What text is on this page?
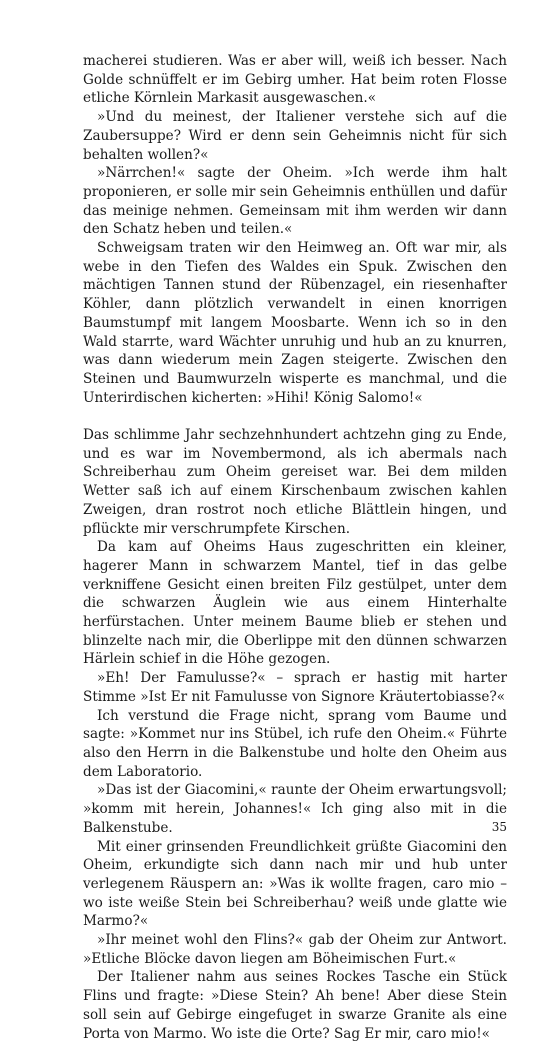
macherei studieren. Was er aber will, weiß ich besser. Nach Golde schnüffelt er im Gebirg umher. Hat beim roten Flosse etliche Körnlein Markasit ausgewaschen.«

»Und du meinest, der Italiener verstehe sich auf die Zaubersuppe? Wird er denn sein Geheimnis nicht für sich behalten wollen?«

»Närrchen!« sagte der Oheim. »Ich werde ihm halt proponieren, er solle mir sein Geheimnis enthüllen und dafür das meinige nehmen. Gemeinsam mit ihm werden wir dann den Schatz heben und teilen.«

Schweigsam traten wir den Heimweg an. Oft war mir, als webe in den Tiefen des Waldes ein Spuk. Zwischen den mächtigen Tannen stund der Rübenzagel, ein riesenhafter Köhler, dann plötzlich verwandelt in einen knorrigen Baumstumpf mit langem Moosbarte. Wenn ich so in den Wald starrte, ward Wächter unruhig und hub an zu knurren, was dann wiederum mein Zagen steigerte. Zwischen den Steinen und Baumwurzeln wisperte es manchmal, und die Unterirdischen kicherten: »Hihi! König Salomo!«

Das schlimme Jahr sechzehnhundert achtzehn ging zu Ende, und es war im Novembermond, als ich abermals nach Schreiberhau zum Oheim gereiset war. Bei dem milden Wetter saß ich auf einem Kirschenbaum zwischen kahlen Zweigen, dran rostrot noch etliche Blättlein hingen, und pflückte mir verschrumpfete Kirschen.

Da kam auf Oheims Haus zugeschritten ein kleiner, hagerer Mann in schwarzem Mantel, tief in das gelbe verkniffene Gesicht einen breiten Filz gestülpet, unter dem die schwarzen Äuglein wie aus einem Hinterhalte herfürstachen. Unter meinem Baume blieb er stehen und blinzelte nach mir, die Oberlippe mit den dünnen schwarzen Härlein schief in die Höhe gezogen.

»Eh! Der Famulusse?« – sprach er hastig mit harter Stimme »Ist Er nit Famulusse von Signore Kräutertobiasse?«

Ich verstund die Frage nicht, sprang vom Baume und sagte: »Kommet nur ins Stübel, ich rufe den Oheim.« Führte also den Herrn in die Balkenstube und holte den Oheim aus dem Laboratorio.

»Das ist der Giacomini,« raunte der Oheim erwartungsvoll; »komm mit herein, Johannes!« Ich ging also mit in die Balkenstube.

Mit einer grinsenden Freundlichkeit grüßte Giacomini den Oheim, erkundigte sich dann nach mir und hub unter verlegenem Räuspern an: »Was ik wollte fragen, caro mio – wo iste weiße Stein bei Schreiberhau? weiß unde glatte wie Marmo?«

»Ihr meinet wohl den Flins?« gab der Oheim zur Antwort. »Etliche Blöcke davon liegen am Böheimischen Furt.«

Der Italiener nahm aus seines Rockes Tasche ein Stück Flins und fragte: »Diese Stein? Ah bene! Aber diese Stein soll sein auf Gebirge eingefuget in swarze Granite als eine Porta von Marmo. Wo iste die Orte? Sag Er mir, caro mio!«

35
